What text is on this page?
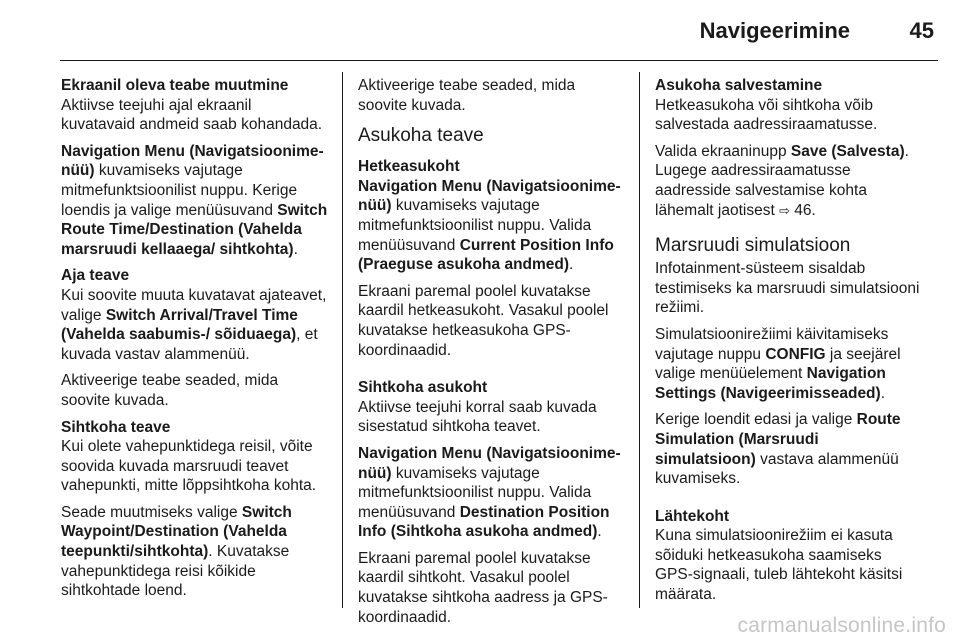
Navigeerimine	45
Ekraanil oleva teabe muutmine
Aktiivse teejuhi ajal ekraanil kuvatavaid andmeid saab kohandada.
Navigation Menu (Navigatsioonime‐nüü) kuvamiseks vajutage mitmefunktsioonilist nuppu. Kerige loendis ja valige menüüsuvand Switch Route Time/Destination (Vahelda marsruudi kellaaega/ sihtkohta).
Aja teave
Kui soovite muuta kuvatavat ajateavet, valige Switch Arrival/Travel Time (Vahelda saabumis-/ sõiduaega), et kuvada vastav alammenüü.
Aktiveerige teabe seaded, mida soovite kuvada.
Sihtkoha teave
Kui olete vahepunktidega reisil, võite soovida kuvada marsruudi teavet vahepunkti, mitte lõppsihtkoha kohta.
Seade muutmiseks valige Switch Waypoint/Destination (Vahelda teepunkti/sihtkohta). Kuvatakse vahepunktidega reisi kõikide sihtkohtade loend.
Aktiveerige teabe seaded, mida soovite kuvada.
Asukoha teave
Hetkeasukoht
Navigation Menu (Navigatsioonime‐nüü) kuvamiseks vajutage mitmefunktsioonilist nuppu. Valida menüüsuvand Current Position Info (Praeguse asukoha andmed).
Ekraani paremal poolel kuvatakse kaardil hetkeasukoht. Vasakul poolel kuvatakse hetkeasukoha GPS-koordinaadid.
Sihtkoha asukoht
Aktiivse teejuhi korral saab kuvada sisestatud sihtkoha teavet.
Navigation Menu (Navigatsioonime‐nüü) kuvamiseks vajutage mitmefunktsioonilist nuppu. Valida menüüsuvand Destination Position Info (Sihtkoha asukoha andmed).
Ekraani paremal poolel kuvatakse kaardil sihtkoht. Vasakul poolel kuvatakse sihtkoha aadress ja GPS-koordinaadid.
Asukoha salvestamine
Hetkeasukoha või sihtkoha võib salvestada aadressiraamatusse.
Valida ekraaninupp Save (Salvesta). Lugege aadressiraamatusse aadresside salvestamise kohta lähemalt jaotisest ⇨ 46.
Marsruudi simulatsioon
Infotainment-süsteem sisaldab testimiseks ka marsruudi simulatsiooni režiimi.
Simulatsioonirežiimi käivitamiseks vajutage nuppu CONFIG ja seejärel valige menüüelement Navigation Settings (Navigeerimisseaded).
Kerige loendit edasi ja valige Route Simulation (Marsruudi simulatsioon) vastava alammenüü kuvamiseks.
Lähtekoht
Kuna simulatsioonirežiim ei kasuta sõiduki hetkeasukoha saamiseks GPS-signaali, tuleb lähtekoht käsitsi määrata.
carmanualsonline.info
